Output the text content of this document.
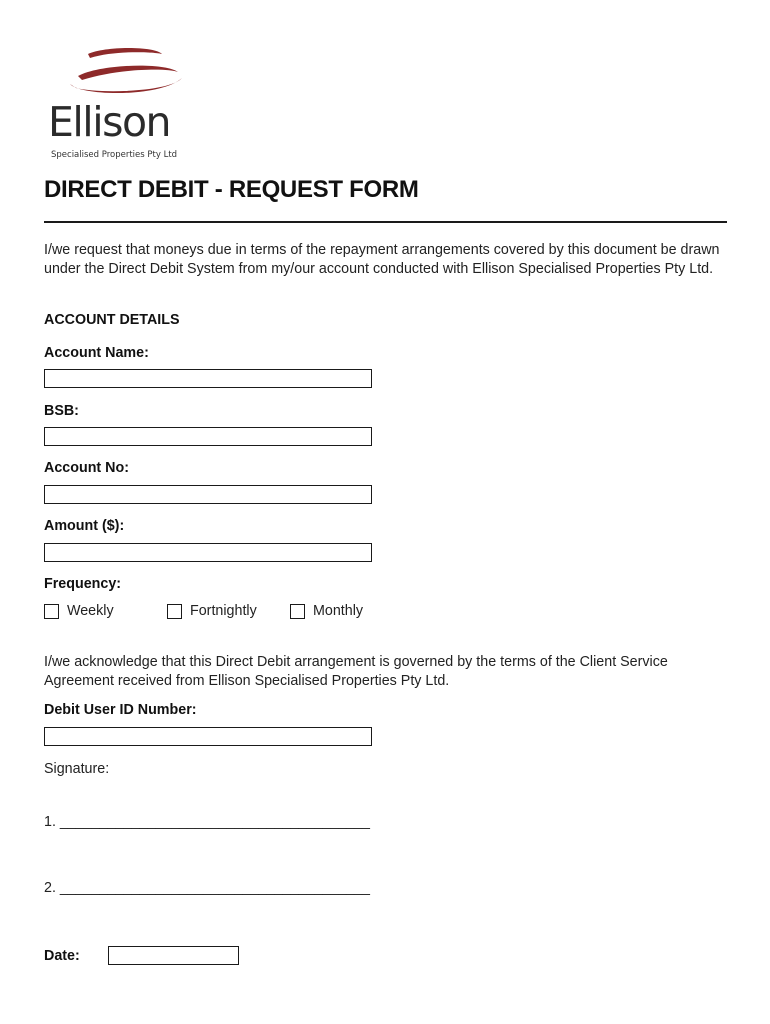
Ellison
Specialised Properties Pty Ltd
DIRECT DEBIT - REQUEST FORM
I/we request that moneys due in terms of the repayment arrangements covered by this document be drawn under the Direct Debit System from my/our account conducted with Ellison Specialised Properties Pty Ltd.
ACCOUNT DETAILS
Account Name:
BSB:
Account No:
Amount ($):
Frequency:
Weekly	Fortnightly	Monthly
I/we acknowledge that this Direct Debit arrangement is governed by the terms of the Client Service Agreement received from Ellison Specialised Properties Pty Ltd.
Debit User ID Number:
Signature:
1. _______________________________________
2. _______________________________________
Date:
